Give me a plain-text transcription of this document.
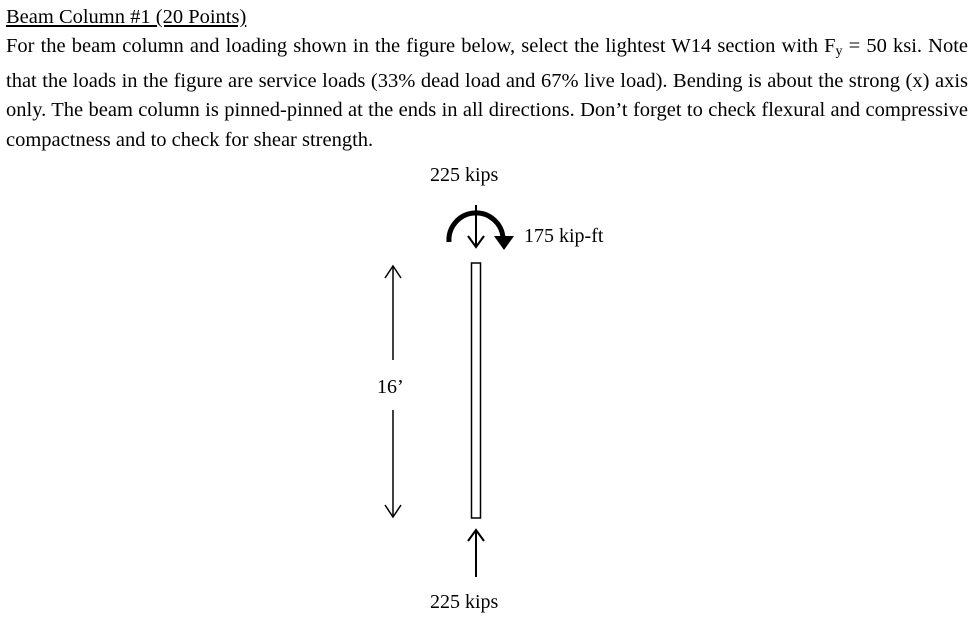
Beam Column #1 (20 Points)

For the beam column and loading shown in the figure below, select the lightest W14 section with $F_y = 50$ ksi. Note that the loads in the figure are service loads (33% dead load and 67% live load). Bending is about the strong (x) axis only. The beam column is pinned-pinned at the ends in all directions. Don’t forget to check flexural and compressive compactness and to check for shear strength.

225 kips
175 kip-ft
16’
225 kips
